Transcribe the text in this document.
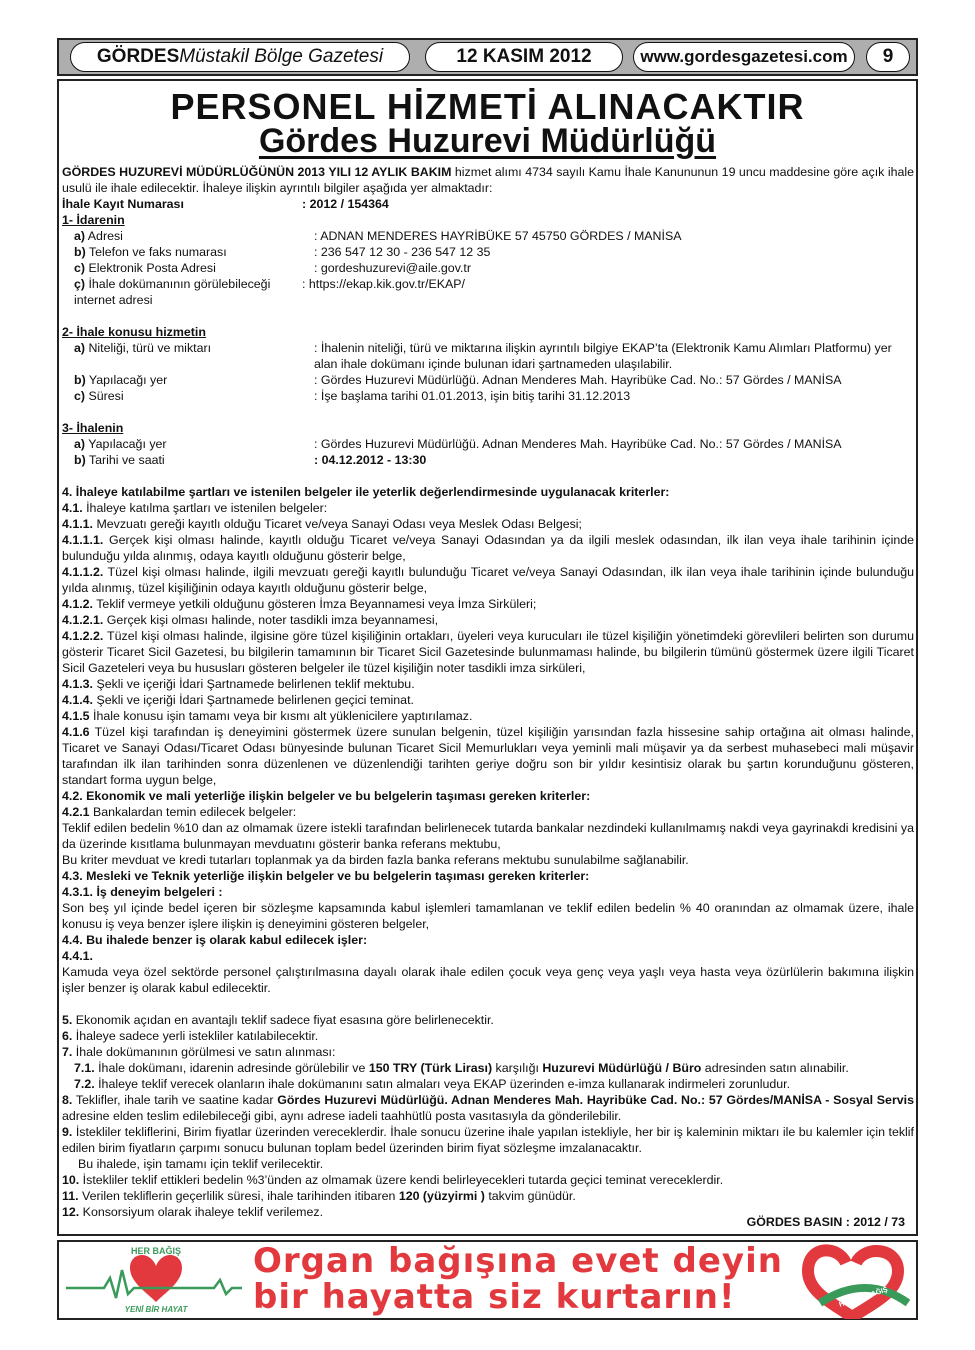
GÖRDES Müstakil Bölge Gazetesi	12 KASIM 2012	www.gordesgazetesi.com 9
PERSONEL HİZMETİ ALINACAKTIR
Gördes Huzurevi Müdürlüğü

GÖRDES HUZUREVİ MÜDÜRLÜĞÜNÜN 2013 YILI 12 AYLIK BAKIM hizmet alımı 4734 sayılı Kamu İhale Kanununun 19 uncu maddesine göre açık ihale usulü ile ihale edilecektir. İhaleye ilişkin ayrıntılı bilgiler aşağıda yer almaktadır:

İhale Kayıt Numarası	: 2012 / 154364
1- İdarenin
a) Adresi	: ADNAN MENDERES HAYRİBÜKE 57 45750 GÖRDES / MANİSA
b) Telefon ve faks numarası	: 236 547 12 30 - 236 547 12 35
c) Elektronik Posta Adresi	: gordeshuzurevi@aile.gov.tr
ç) İhale dokümanının görülebileceği internet adresi
: https://ekap.kik.gov.tr/EKAP/
2- İhale konusu hizmetin
a) Niteliği, türü ve miktarı	: İhalenin niteliği, türü ve miktarına ilişkin ayrıntılı bilgiye EKAP’ta (Elektronik Kamu Alımları Platformu) yer alan ihale dokümanı içinde bulunan idari şartnameden ulaşılabilir.
b) Yapılacağı yer	: Gördes Huzurevi Müdürlüğü. Adnan Menderes Mah. Hayribüke Cad. No.: 57 Gördes / MANİSA
c) Süresi	: İşe başlama tarihi 01.01.2013, işin bitiş tarihi 31.12.2013
3- İhalenin
a) Yapılacağı yer	: Gördes Huzurevi Müdürlüğü. Adnan Menderes Mah. Hayribüke Cad. No.: 57 Gördes / MANİSA
b) Tarihi ve saati	: 04.12.2012 - 13:30

4. İhaleye katılabilme şartları ve istenilen belgeler ile yeterlik değerlendirmesinde uygulanacak kriterler:

4.1. İhaleye katılma şartları ve istenilen belgeler:

4.1.1. Mevzuatı gereği kayıtlı olduğu Ticaret ve/veya Sanayi Odası veya Meslek Odası Belgesi;

4.1.1.1. Gerçek kişi olması halinde, kayıtlı olduğu Ticaret ve/veya Sanayi Odasından ya da ilgili meslek odasından, ilk ilan veya ihale tarihinin içinde bulunduğu yılda alınmış, odaya kayıtlı olduğunu gösterir belge,

4.1.1.2. Tüzel kişi olması halinde, ilgili mevzuatı gereği kayıtlı bulunduğu Ticaret ve/veya Sanayi Odasından, ilk ilan veya ihale tarihinin içinde bulunduğu yılda alınmış, tüzel kişiliğinin odaya kayıtlı olduğunu gösterir belge,

4.1.2. Teklif vermeye yetkili olduğunu gösteren İmza Beyannamesi veya İmza Sirküleri;

4.1.2.1. Gerçek kişi olması halinde, noter tasdikli imza beyannamesi,

4.1.2.2. Tüzel kişi olması halinde, ilgisine göre tüzel kişiliğinin ortakları, üyeleri veya kurucuları ile tüzel kişiliğin yönetimdeki görevlileri belirten son durumu gösterir Ticaret Sicil Gazetesi, bu bilgilerin tamamının bir Ticaret Sicil Gazetesinde bulunmaması halinde, bu bilgilerin tümünü göstermek üzere ilgili Ticaret Sicil Gazeteleri veya bu hususları gösteren belgeler ile tüzel kişiliğin noter tasdikli imza sirküleri,

4.1.3. Şekli ve içeriği İdari Şartnamede belirlenen teklif mektubu.

4.1.4. Şekli ve içeriği İdari Şartnamede belirlenen geçici teminat.

4.1.5 İhale konusu işin tamamı veya bir kısmı alt yüklenicilere yaptırılamaz.

4.1.6 Tüzel kişi tarafından iş deneyimini göstermek üzere sunulan belgenin, tüzel kişiliğin yarısından fazla hissesine sahip ortağına ait olması halinde, Ticaret ve Sanayi Odası/Ticaret Odası bünyesinde bulunan Ticaret Sicil Memurlukları veya yeminli mali müşavir ya da serbest muhasebeci mali müşavir tarafından ilk ilan tarihinden sonra düzenlenen ve düzenlendiği tarihten geriye doğru son bir yıldır kesintisiz olarak bu şartın korunduğunu gösteren, standart forma uygun belge,

4.2. Ekonomik ve mali yeterliğe ilişkin belgeler ve bu belgelerin taşıması gereken kriterler:

4.2.1 Bankalardan temin edilecek belgeler:

Teklif edilen bedelin %10 dan az olmamak üzere istekli tarafından belirlenecek tutarda bankalar nezdindeki kullanılmamış nakdi veya gayrinakdi kredisini ya da üzerinde kısıtlama bulunmayan mevduatını gösterir banka referans mektubu,

Bu kriter mevduat ve kredi tutarları toplanmak ya da birden fazla banka referans mektubu sunulabilme sağlanabilir.

4.3. Mesleki ve Teknik yeterliğe ilişkin belgeler ve bu belgelerin taşıması gereken kriterler:

4.3.1. İş deneyim belgeleri :

Son beş yıl içinde bedel içeren bir sözleşme kapsamında kabul işlemleri tamamlanan ve teklif edilen bedelin % 40 oranından az olmamak üzere, ihale konusu iş veya benzer işlere ilişkin iş deneyimini gösteren belgeler,

4.4. Bu ihalede benzer iş olarak kabul edilecek işler:

4.4.1.

Kamuda veya özel sektörde personel çalıştırılmasına dayalı olarak ihale edilen çocuk veya genç veya yaşlı veya hasta veya özürlülerin bakımına ilişkin işler benzer iş olarak kabul edilecektir.

5. Ekonomik açıdan en avantajlı teklif sadece fiyat esasına göre belirlenecektir.

6. İhaleye sadece yerli istekliler katılabilecektir.

7. İhale dokümanının görülmesi ve satın alınması:

7.1. İhale dokümanı, idarenin adresinde görülebilir ve 150 TRY (Türk Lirası) karşılığı Huzurevi Müdürlüğü / Büro adresinden satın alınabilir.

7.2. İhaleye teklif verecek olanların ihale dokümanını satın almaları veya EKAP üzerinden e-imza kullanarak indirmeleri zorunludur.

8. Teklifler, ihale tarih ve saatine kadar Gördes Huzurevi Müdürlüğü. Adnan Menderes Mah. Hayribüke Cad. No.: 57 Gördes/MANİSA - Sosyal Servis adresine elden teslim edilebileceği gibi, aynı adrese iadeli taahhütlü posta vasıtasıyla da gönderilebilir.

9. İstekliler tekliflerini, Birim fiyatlar üzerinden vereceklerdir. İhale sonucu üzerine ihale yapılan istekliyle, her bir iş kaleminin miktarı ile bu kalemler için teklif edilen birim fiyatların çarpımı sonucu bulunan toplam bedel üzerinden birim fiyat sözleşme imzalanacaktır.

Bu ihalede, işin tamamı için teklif verilecektir.

10. İstekliler teklif ettikleri bedelin %3’ünden az olmamak üzere kendi belirleyecekleri tutarda geçici teminat vereceklerdir.

11. Verilen tekliflerin geçerlilik süresi, ihale tarihinden itibaren 120 (yüzyirmi ) takvim günüdür.

12. Konsorsiyum olarak ihaleye teklif verilemez.

GÖRDES BASIN : 2012 / 73
HER BAĞIŞ
YENİ BİR HAYAT
Organ bağışına evet deyin
bir hayatta siz kurtarın!	HAYATA BAĞIŞ
